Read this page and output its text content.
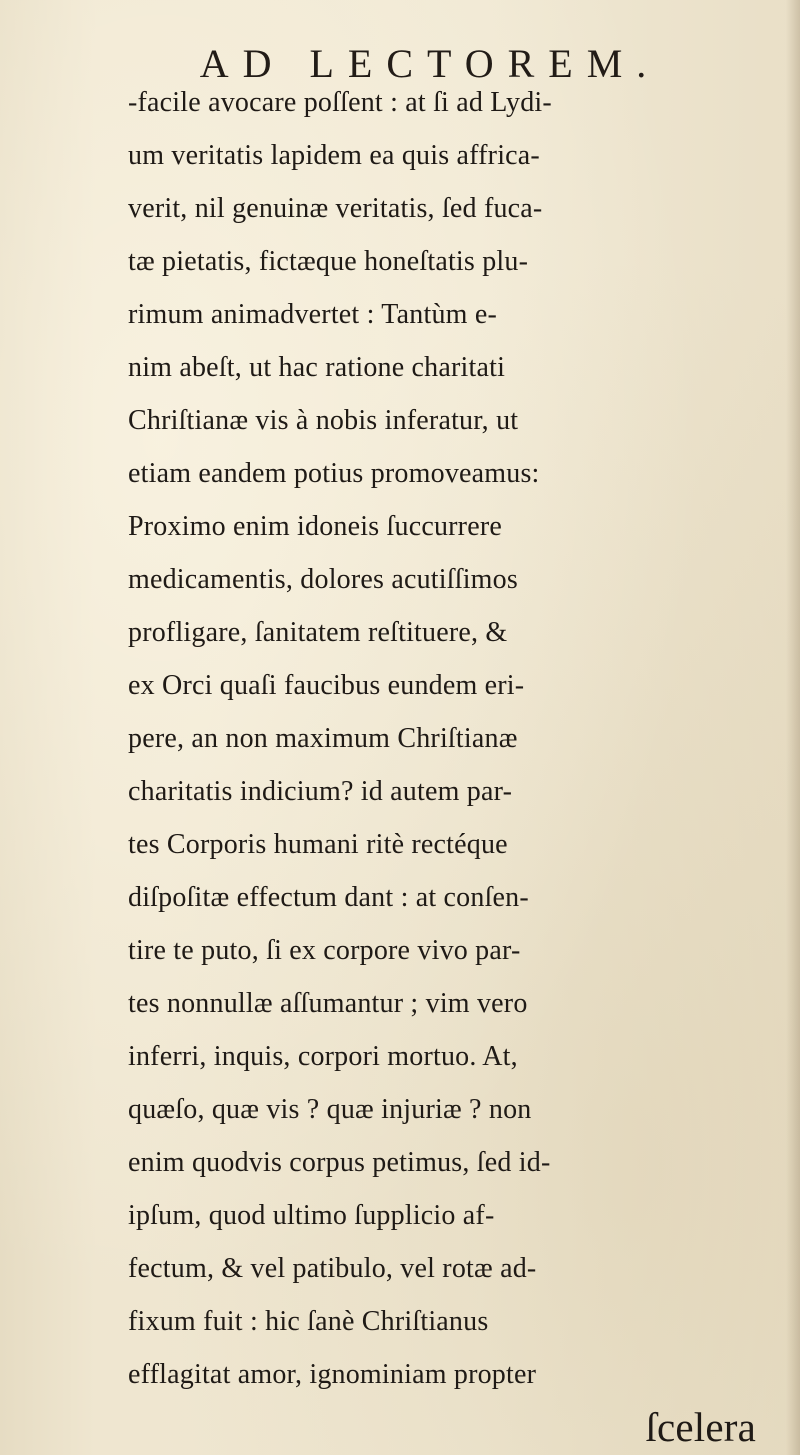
AD LECTOREM.
-facile avocare poſſent : at ſi ad Lydi-
um veritatis lapidem ea quis affrica-
verit, nil genuinæ veritatis, ſed fuca-
tæ pietatis, fictæque honeſtatis plu-
rimum animadvertet : Tantùm e-
nim abeſt, ut hac ratione charitati
Chriſtianæ vis à nobis inferatur, ut
etiam eandem potius promoveamus:
Proximo enim idoneis ſuccurrere
medicamentis, dolores acutiſſimos
profligare, ſanitatem reſtituere, &
ex Orci quaſi faucibus eundem eri-
pere, an non maximum Chriſtianæ
charitatis indicium? id autem par-
tes Corporis humani ritè rectéque
diſpoſitæ effectum dant : at conſen-
tire te puto, ſi ex corpore vivo par-
tes nonnullæ aſſumantur ; vim vero
inferri, inquis, corpori mortuo. At,
quæſo, quæ vis ? quæ injuriæ ? non
enim quodvis corpus petimus, ſed id-
ipſum, quod ultimo ſupplicio af-
fectum, & vel patibulo, vel rotæ ad-
fixum fuit : hic ſanè Chriſtianus
efflagitat amor, ignominiam propter
ſcelera
